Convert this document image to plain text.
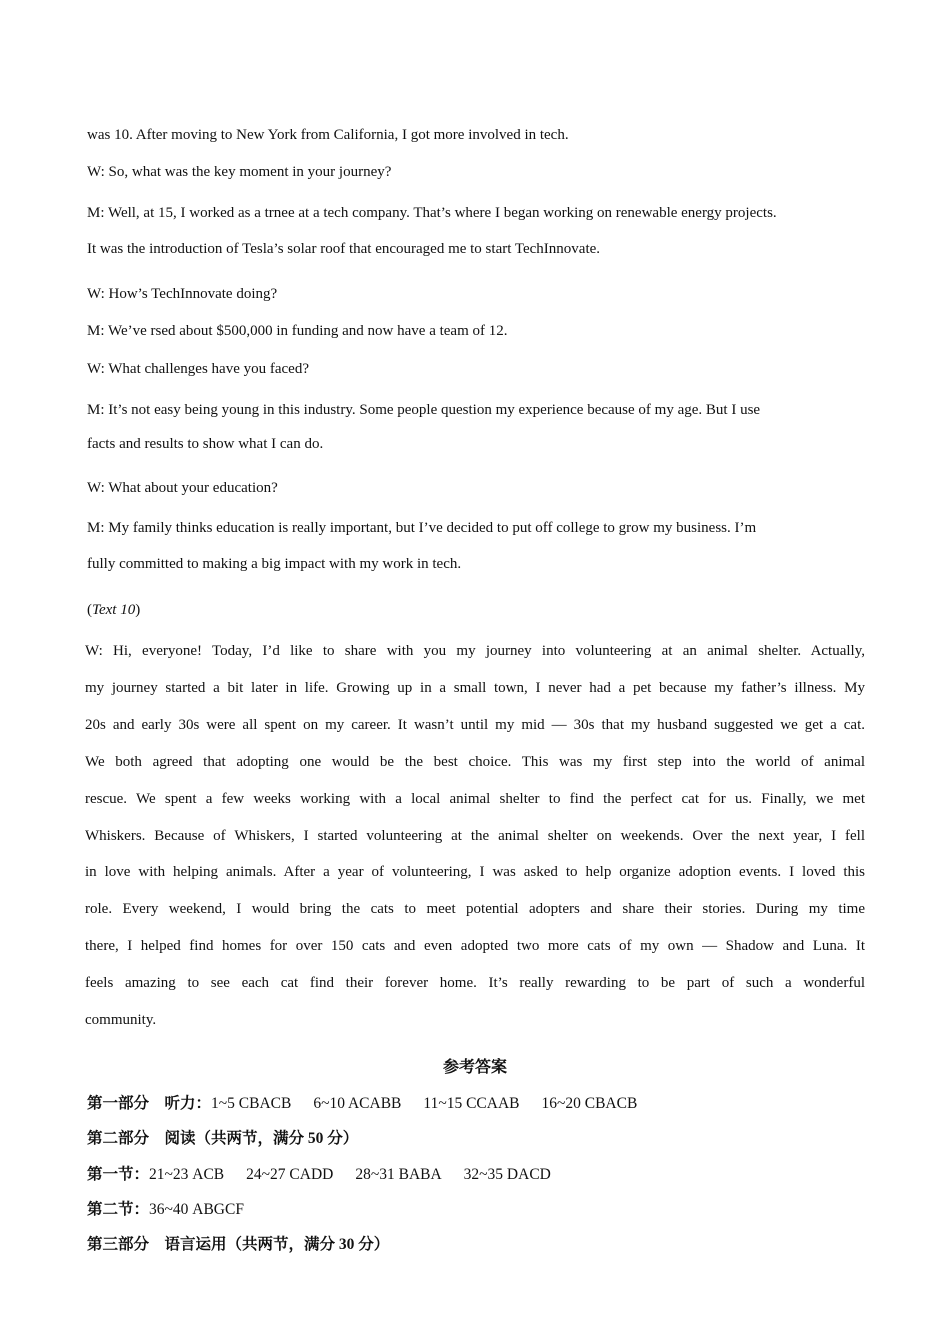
was 10. After moving to New York from California, I got more involved in tech.
W: So, what was the key moment in your journey?
M: Well, at 15, I worked as a trnee at a tech company. That’s where I began working on renewable energy projects.
It was the introduction of Tesla’s solar roof that encouraged me to start TechInnovate.
W: How’s TechInnovate doing?
M: We’ve rsed about $500,000 in funding and now have a team of 12.
W: What challenges have you faced?
M: It’s not easy being young in this industry. Some people question my experience because of my age. But I use
facts and results to show what I can do.
W: What about your education?
M: My family thinks education is really important, but I’ve decided to put off college to grow my business. I’m
fully committed to making a big impact with my work in tech.
(Text 10)
W: Hi, everyone! Today, I’d like to share with you my journey into volunteering at an animal shelter. Actually,
my journey started a bit later in life. Growing up in a small town, I never had a pet because my father’s illness. My
20s and early 30s were all spent on my career. It wasn’t until my mid — 30s that my husband suggested we get a cat.
We both agreed that adopting one would be the best choice. This was my first step into the world of animal
rescue. We spent a few weeks working with a local animal shelter to find the perfect cat for us. Finally, we met
Whiskers. Because of Whiskers, I started volunteering at the animal shelter on weekends. Over the next year, I fell
in love with helping animals. After a year of volunteering, I was asked to help organize adoption events. I loved this
role. Every weekend, I would bring the cats to meet potential adopters and share their stories. During my time
there, I helped find homes for over 150 cats and even adopted two more cats of my own — Shadow and Luna. It
feels amazing to see each cat find their forever home. It’s really rewarding to be part of such a wonderful
community.
参考答案
第一部分　听力：1~5 CBACB 6~10 ACABB 11~15 CCAAB 16~20 CBACB
第二部分　阅读（共两节，满分 50 分）
第一节：21~23 ACB 24~27 CADD 28~31 BABA 32~35 DACD
第二节：36~40 ABGCF
第三部分　语言运用（共两节，满分 30 分）
